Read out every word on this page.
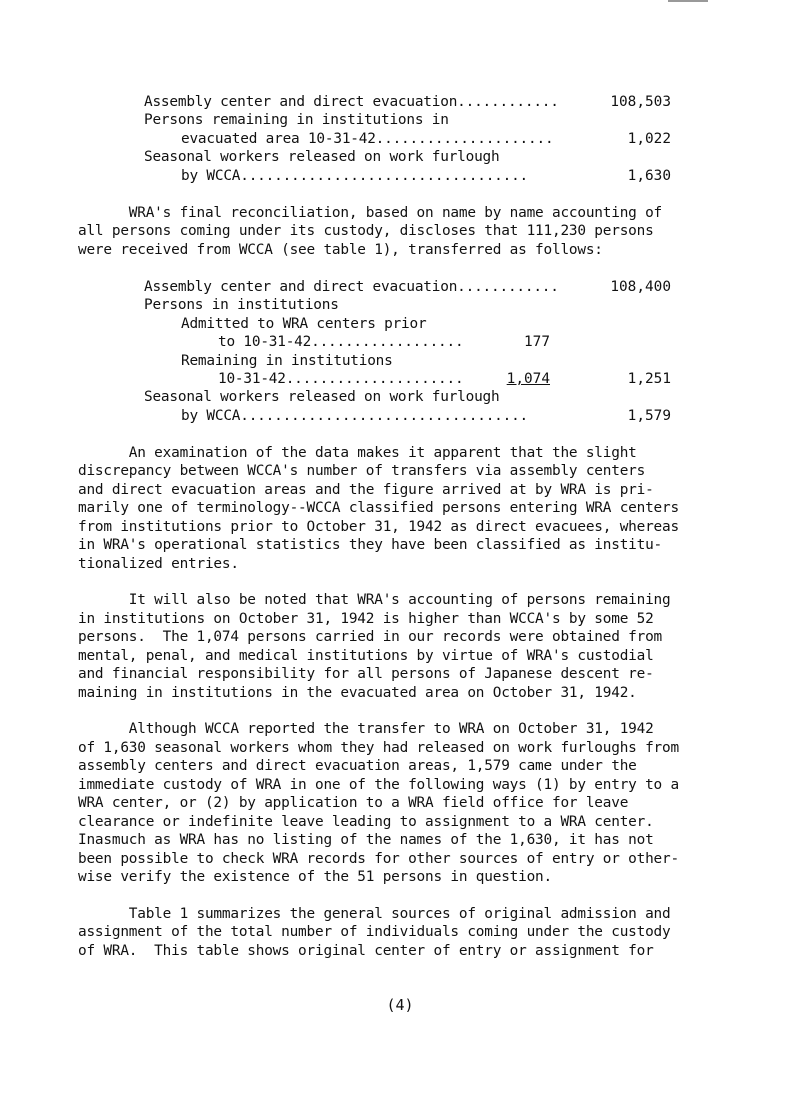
Assembly center and direct evacuation............	108,503
Persons remaining in institutions in
evacuated area 10-31-42.....................	1,022
Seasonal workers released on work furlough
by WCCA..................................	1,630
WRA's final reconciliation, based on name by name accounting of
all persons coming under its custody, discloses that 111,230 persons
were received from WCCA (see table 1), transferred as follows:
Assembly center and direct evacuation............	108,400
Persons in institutions
Admitted to WRA centers prior
to 10-31-42..................	177
Remaining in institutions
10-31-42.....................	1,074	1,251
Seasonal workers released on work furlough
by WCCA..................................	1,579
An examination of the data makes it apparent that the slight
discrepancy between WCCA's number of transfers via assembly centers
and direct evacuation areas and the figure arrived at by WRA is pri-
marily one of terminology--WCCA classified persons entering WRA centers
from institutions prior to October 31, 1942 as direct evacuees, whereas
in WRA's operational statistics they have been classified as institu-
tionalized entries.
It will also be noted that WRA's accounting of persons remaining
in institutions on October 31, 1942 is higher than WCCA's by some 52
persons.  The 1,074 persons carried in our records were obtained from
mental, penal, and medical institutions by virtue of WRA's custodial
and financial responsibility for all persons of Japanese descent re-
maining in institutions in the evacuated area on October 31, 1942.
Although WCCA reported the transfer to WRA on October 31, 1942
of 1,630 seasonal workers whom they had released on work furloughs from
assembly centers and direct evacuation areas, 1,579 came under the
immediate custody of WRA in one of the following ways (1) by entry to a
WRA center, or (2) by application to a WRA field office for leave
clearance or indefinite leave leading to assignment to a WRA center.
Inasmuch as WRA has no listing of the names of the 1,630, it has not
been possible to check WRA records for other sources of entry or other-
wise verify the existence of the 51 persons in question.
Table 1 summarizes the general sources of original admission and
assignment of the total number of individuals coming under the custody
of WRA.  This table shows original center of entry or assignment for
(4)
